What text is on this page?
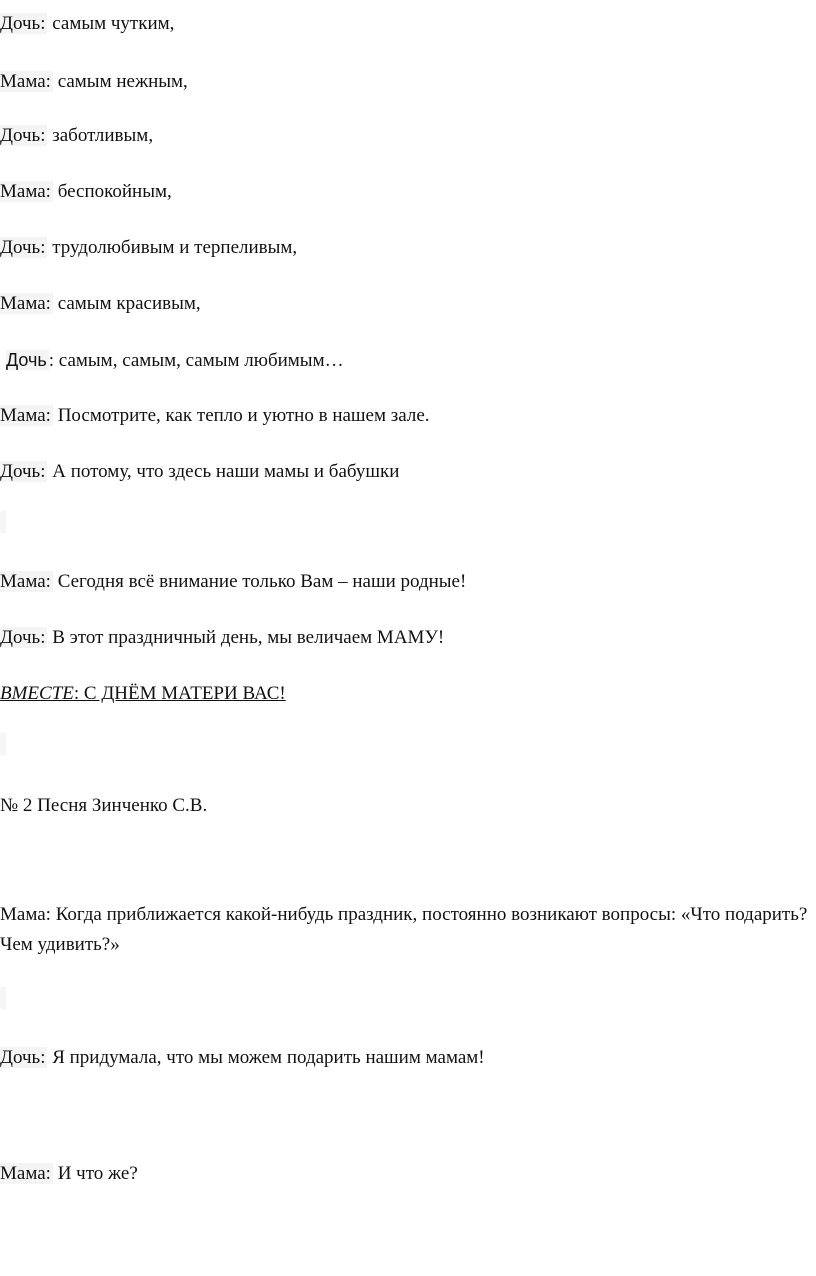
Дочь: самым чутким,
Мама: самым нежным,
Дочь: заботливым,
Мама: беспокойным,
Дочь: трудолюбивым и терпеливым,
Мама: самым красивым,
Дочь : самым, самым, самым любимым…
Мама: Посмотрите, как тепло и уютно в нашем зале.
Дочь: А потому, что здесь наши мамы и бабушки
Мама: Сегодня всё внимание только Вам – наши родные!
Дочь: В этот праздничный день, мы величаем МАМУ!
ВМЕСТЕ: С ДНЁМ МАТЕРИ ВАС!
№ 2 Песня Зинченко С.В.
Мама: Когда приближается какой-нибудь праздник, постоянно возникают вопросы: «Что подарить? Чем удивить?»
Дочь: Я придумала, что мы можем подарить нашим мамам!
Мама: И что же?
